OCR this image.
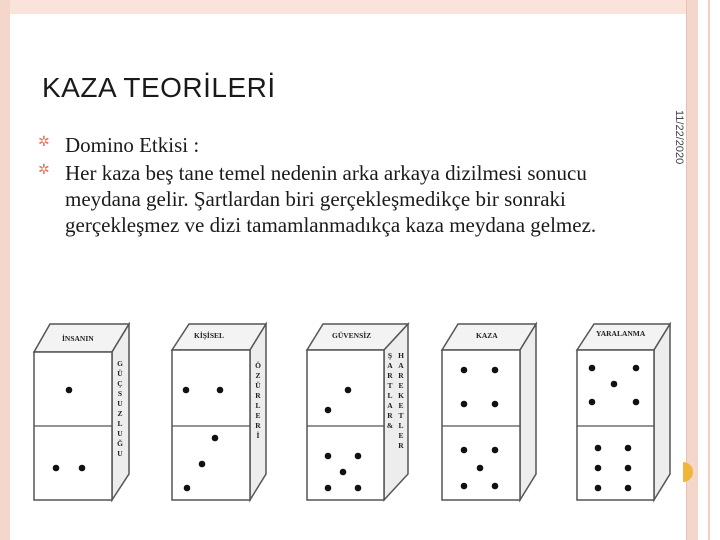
KAZA TEORİLERİ
11/22/2020
✲ Domino Etkisi :
✲ Her kaza beş tane temel nedenin arka arkaya dizilmesi sonucu meydana gelir. Şartlardan biri gerçekleşmedikçe bir sonraki gerçekleşmez ve dizi tamamlanmadıkça kaza meydana gelmez.
İNSANIN
G Ü Ç S U Z L U Ğ U
KİŞİSEL
Ö Z Ü R L E R İ
GÜVENSİZ
Ş A R T L A R &
H A R E K E T L E R
KAZA	YARALANMA
